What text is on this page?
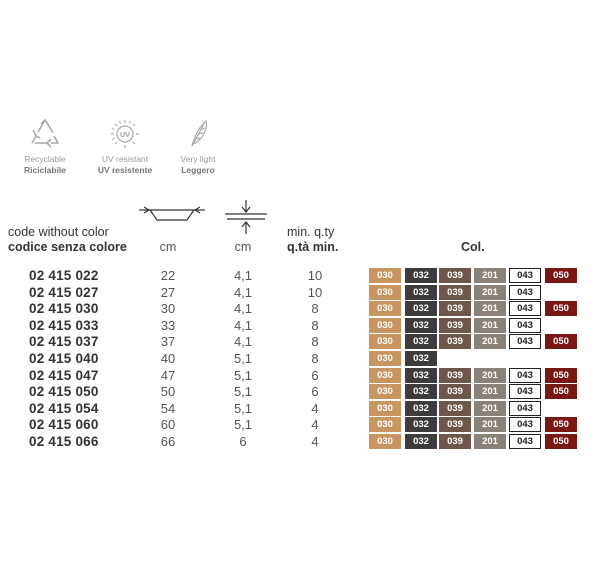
Recyclable
Riciclabile
UV
UV resistant
UV resistente
Very light
Leggero
code without color
codice senza colore	cm	cm
min. q.ty
q.tà min.	Col.
02 415 022	22	4,1	10	030	032	039	201	043	050
02 415 027	27	4,1	10	030	032	039	201	043
02 415 030	30	4,1	8	030	032	039	201	043	050
02 415 033	33	4,1	8	030	032	039	201	043
02 415 037	37	4,1	8	030	032	039	201	043	050
02 415 040	40	5,1	8	030	032
02 415 047	47	5,1	6	030	032	039	201	043	050
02 415 050	50	5,1	6	030	032	039	201	043	050
02 415 054	54	5,1	4	030	032	039	201	043
02 415 060	60	5,1	4	030	032	039	201	043	050
02 415 066	66	6	4	030	032	039	201	043	050
